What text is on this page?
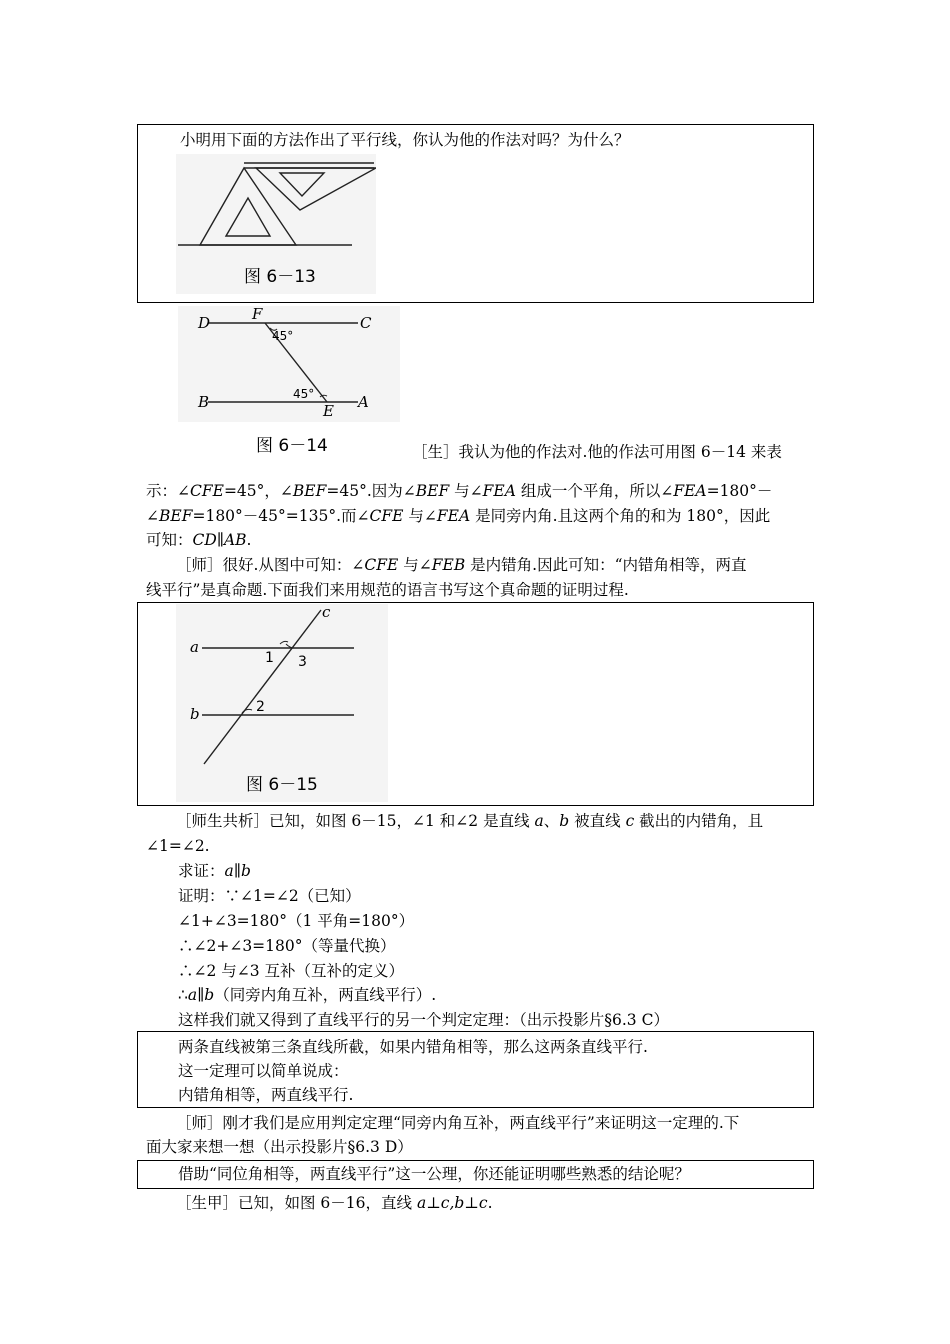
小明用下面的方法作出了平行线，你认为他的作法对吗？为什么？
图 6－13
D	F	C
B	A
E
45°
45°
图 6－14	［生］我认为他的作法对.他的作法可用图 6－14 来表
示：∠CFE=45°，∠BEF=45°.因为∠BEF 与∠FEA 组成一个平角，所以∠FEA=180°－
∠BEF=180°－45°=135°.而∠CFE 与∠FEA 是同旁内角.且这两个角的和为 180°，因此
可知：CD∥AB.
［师］很好.从图中可知：∠CFE 与∠FEB 是内错角.因此可知：“内错角相等，两直
线平行”是真命题.下面我们来用规范的语言书写这个真命题的证明过程.
a
b
c
1 3
2
图 6－15
［师生共析］已知，如图 6－15，∠1 和∠2 是直线 a、b 被直线 c 截出的内错角，且
∠1=∠2.
求证：a∥b
证明：∵∠1=∠2（已知）
∠1+∠3=180°（1 平角=180°）
∴∠2+∠3=180°（等量代换）
∴∠2 与∠3 互补（互补的定义）
∴a∥b（同旁内角互补，两直线平行）.
这样我们就又得到了直线平行的另一个判定定理：（出示投影片§6.3 C）
两条直线被第三条直线所截，如果内错角相等，那么这两条直线平行.
这一定理可以简单说成：
内错角相等，两直线平行.
［师］刚才我们是应用判定定理“同旁内角互补，两直线平行”来证明这一定理的.下
面大家来想一想（出示投影片§6.3 D）
借助“同位角相等，两直线平行”这一公理，你还能证明哪些熟悉的结论呢？
［生甲］已知，如图 6－16，直线 a⊥c,b⊥c.
